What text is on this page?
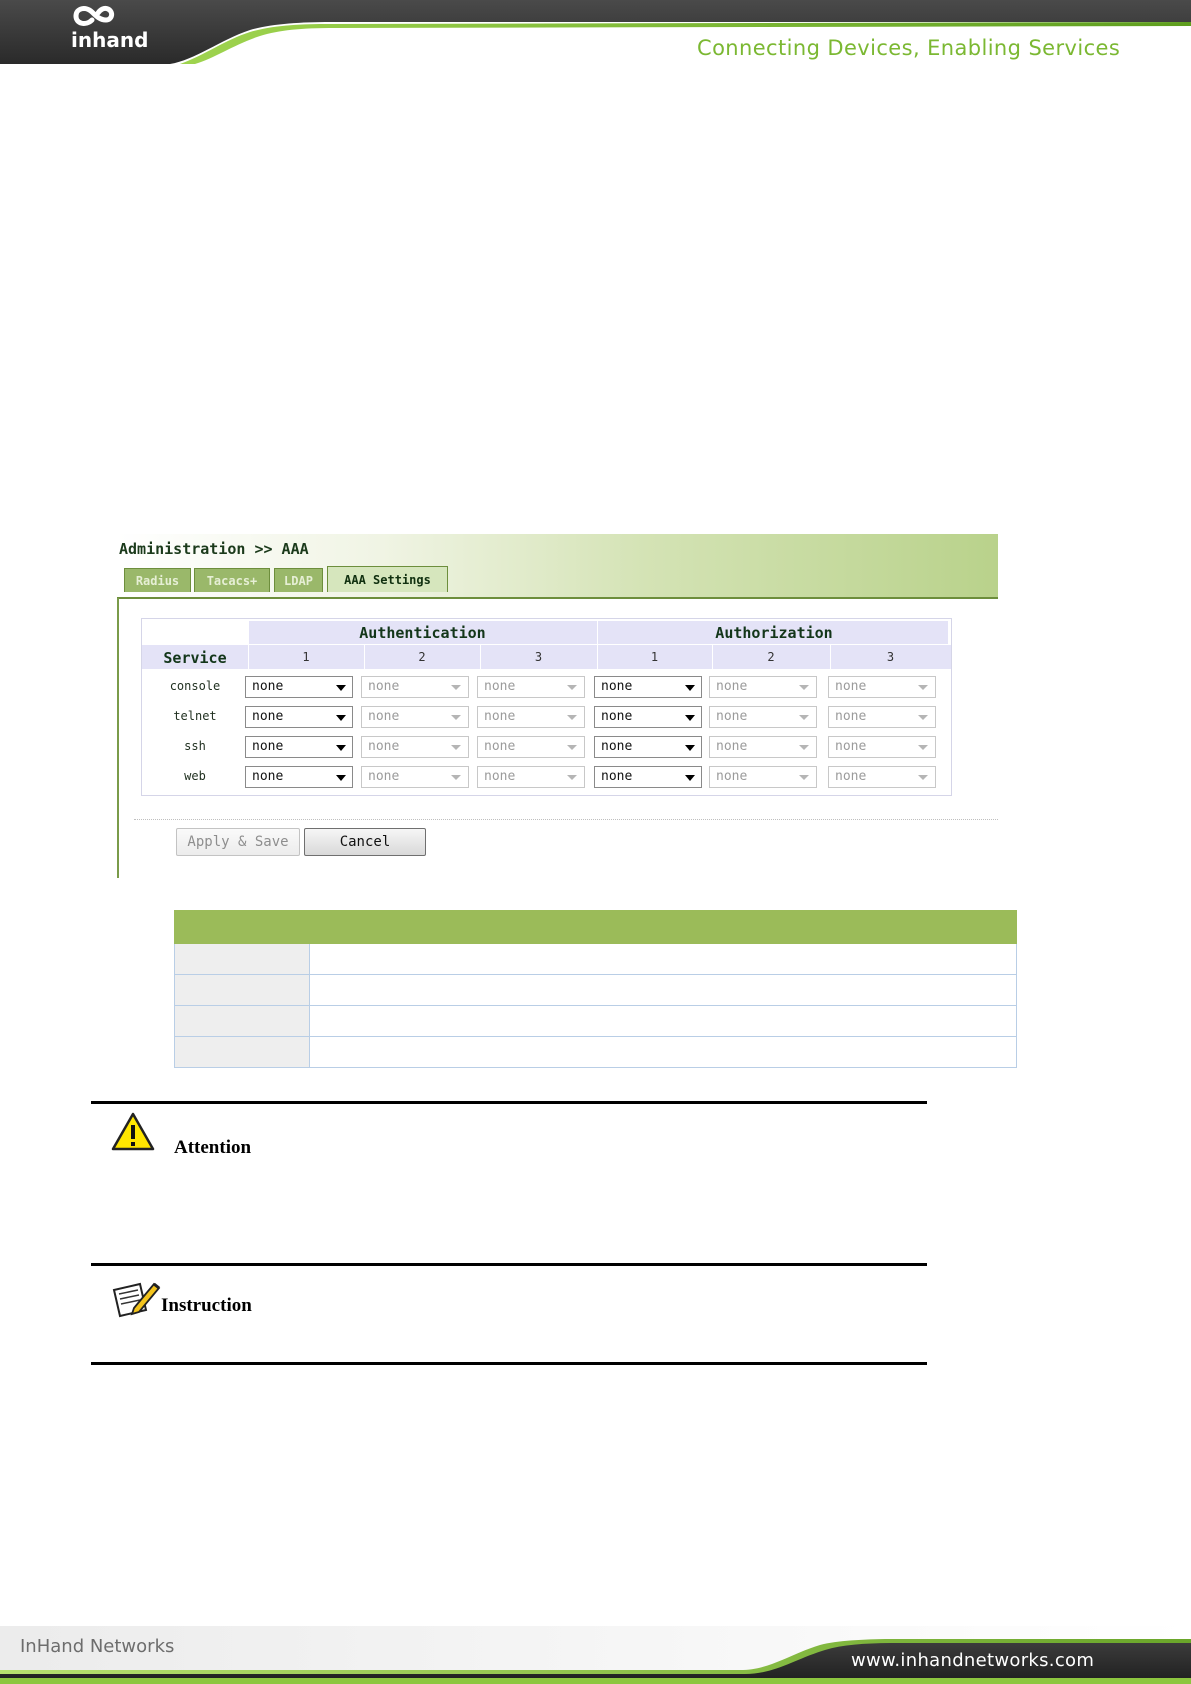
inhand	Connecting Devices, Enabling Services
Administration >> AAA
Radius	Tacacs+	LDAP	AAA Settings
Service
Authentication	Authorization
1	2	3	1	2	3
console	none	none	none	none	none	none
telnet	none	none	none	none	none	none
ssh	none	none	none	none	none	none
web	none	none	none	none	none	none
Apply & Save	Cancel

Attention
Instruction
InHand Networks
www.inhandnetworks.com
